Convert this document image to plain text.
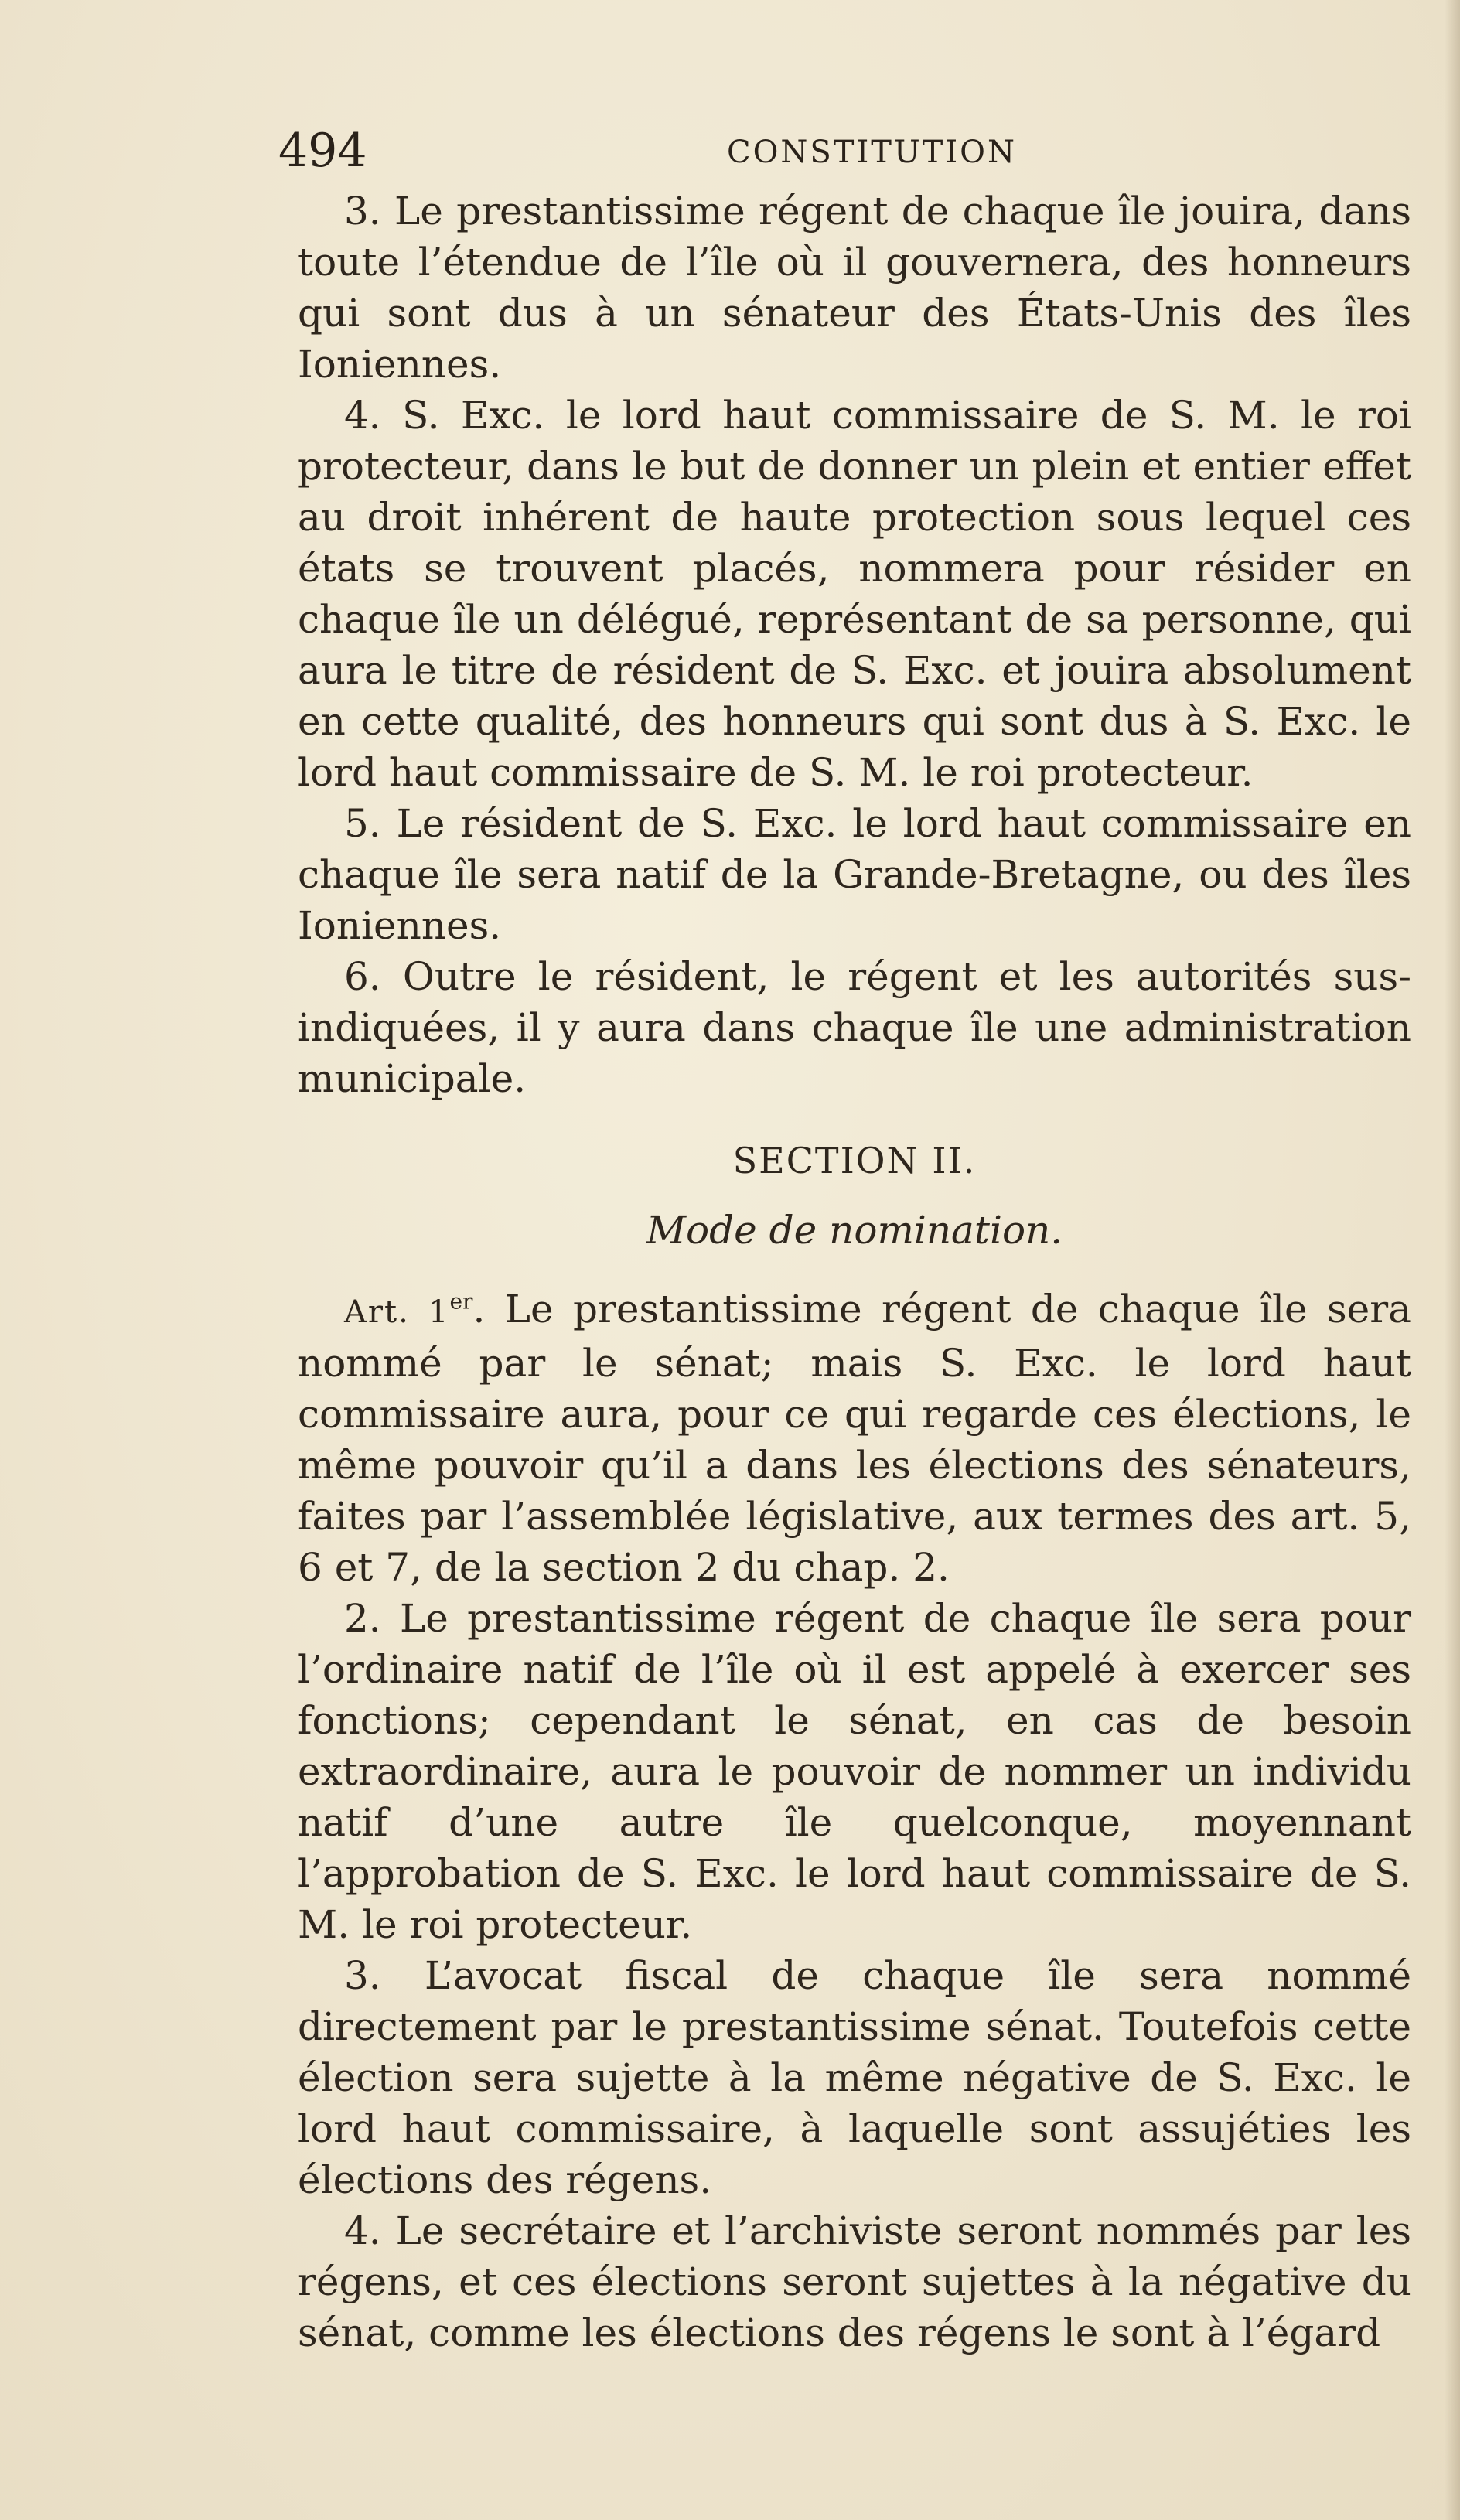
494	CONSTITUTION

3. Le prestantissime régent de chaque île jouira, dans toute l’étendue de l’île où il gouvernera, des honneurs qui sont dus à un sénateur des États-Unis des îles Ioniennes.

4. S. Exc. le lord haut commissaire de S. M. le roi protecteur, dans le but de donner un plein et entier effet au droit inhérent de haute protection sous lequel ces états se trouvent placés, nommera pour résider en chaque île un délégué, représentant de sa personne, qui aura le titre de résident de S. Exc. et jouira absolument en cette qualité, des honneurs qui sont dus à S. Exc. le lord haut commissaire de S. M. le roi protecteur.

5. Le résident de S. Exc. le lord haut commissaire en chaque île sera natif de la Grande-Bretagne, ou des îles Ioniennes.

6. Outre le résident, le régent et les autorités sus-indiquées, il y aura dans chaque île une administration municipale.

SECTION II.

Mode de nomination.

Art. 1er. Le prestantissime régent de chaque île sera nommé par le sénat; mais S. Exc. le lord haut commissaire aura, pour ce qui regarde ces élections, le même pouvoir qu’il a dans les élections des sénateurs, faites par l’assemblée législative, aux termes des art. 5, 6 et 7, de la section 2 du chap. 2.

2. Le prestantissime régent de chaque île sera pour l’ordinaire natif de l’île où il est appelé à exercer ses fonctions; cependant le sénat, en cas de besoin extraordinaire, aura le pouvoir de nommer un individu natif d’une autre île quelconque, moyennant l’approbation de S. Exc. le lord haut commissaire de S. M. le roi protecteur.

3. L’avocat fiscal de chaque île sera nommé directement par le prestantissime sénat. Toutefois cette élection sera sujette à la même négative de S. Exc. le lord haut commissaire, à laquelle sont assujéties les élections des régens.

4. Le secrétaire et l’archiviste seront nommés par les régens, et ces élections seront sujettes à la négative du sénat, comme les élections des régens le sont à l’égard
